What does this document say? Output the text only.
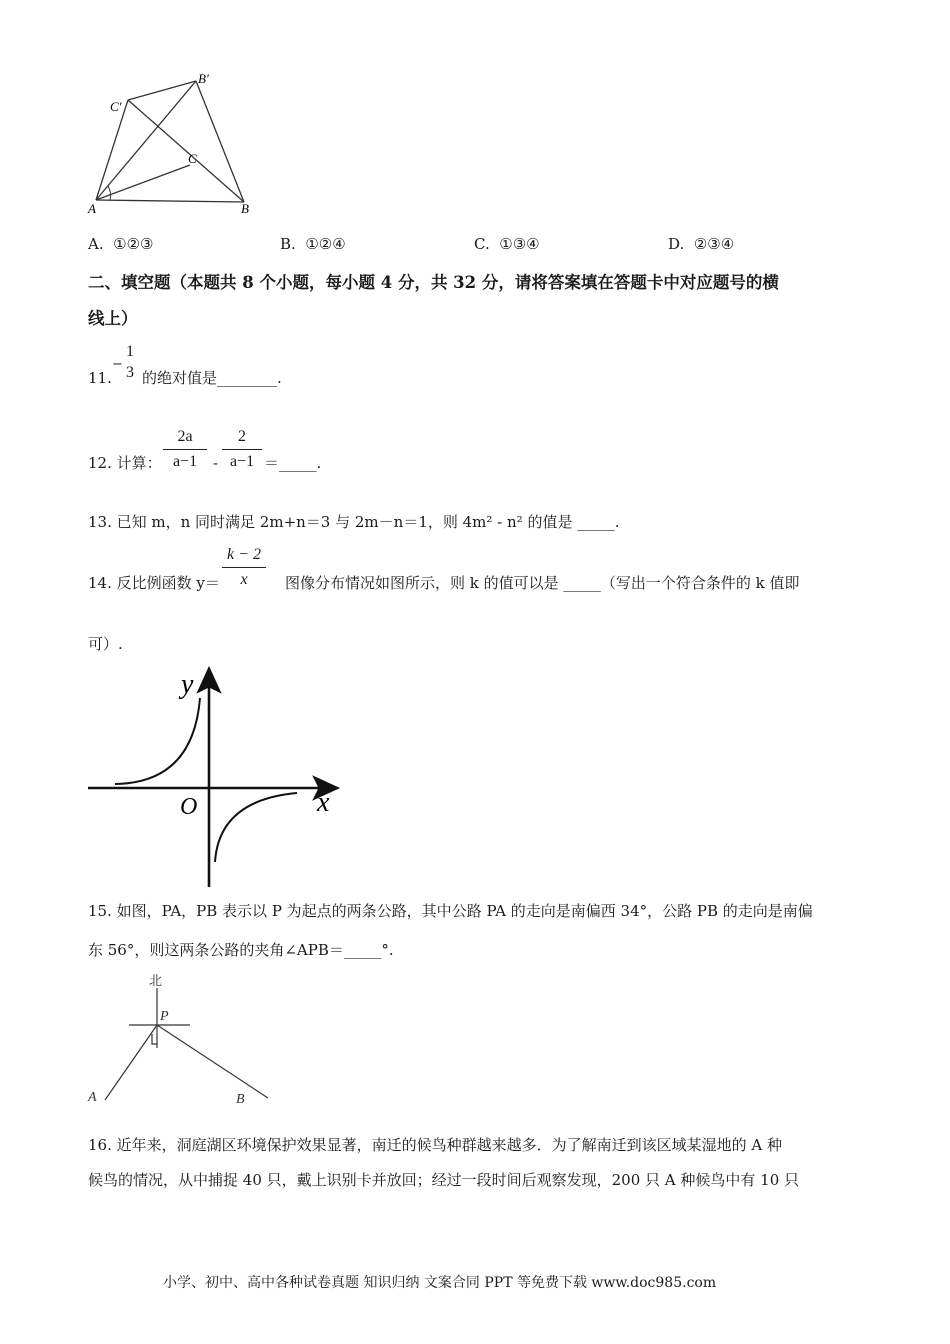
C′
B′
C
A	B
A. ①②③	B. ①②④	C. ①③④	D. ②③④
二、填空题（本题共 8 个小题，每小题 4 分，共 32 分，请将答案填在答题卡中对应题号的横
线上）
11.
−
1
3 的绝对值是________.
12. 计算：
2a
a−1	-
2
a−1 ＝_____.
13. 已知 m，n 同时满足 2m+n＝3 与 2m－n＝1，则 4m² - n² 的值是 _____.
14. 反比例函数 y＝
k − 2
x	图像分布情况如图所示，则 k 的值可以是 _____（写出一个符合条件的 k 值即
可）.
y
x
O
15. 如图，PA，PB 表示以 P 为起点的两条公路，其中公路 PA 的走向是南偏西 34°，公路 PB 的走向是南偏
东 56°，则这两条公路的夹角∠APB＝_____°.
北
P
A	B
16. 近年来，洞庭湖区环境保护效果显著，南迁的候鸟种群越来越多．为了解南迁到该区域某湿地的 A 种
候鸟的情况，从中捕捉 40 只，戴上识别卡并放回；经过一段时间后观察发现，200 只 A 种候鸟中有 10 只
小学、初中、高中各种试卷真题 知识归纳 文案合同 PPT 等免费下载 www.doc985.com
